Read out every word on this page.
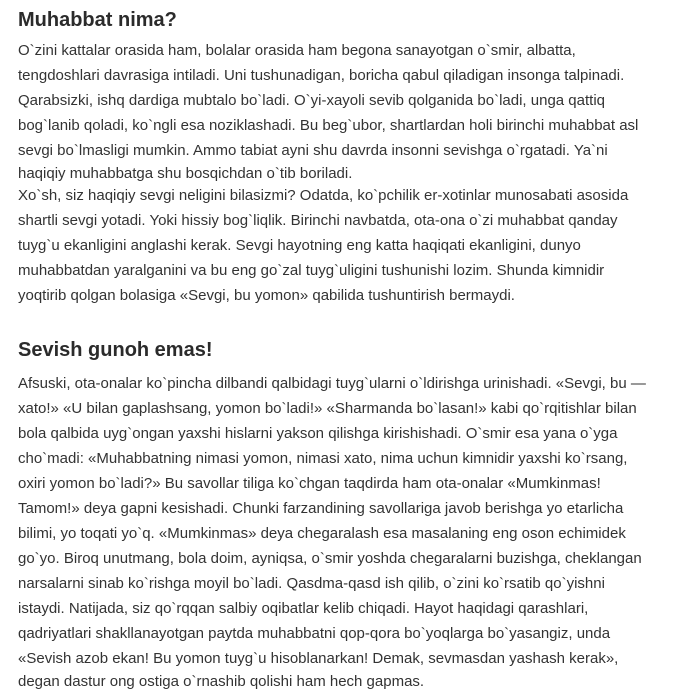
Muhabbat nima?

O`zini kattalar orasida ham, bolalar orasida ham begona sanayotgan o`smir, albatta,

tengdoshlari davrasiga intiladi. Uni tushunadigan, boricha qabul qiladigan insonga talpinadi.

Qarabsizki, ishq dardiga mubtalo bo`ladi. O`yi-xayoli sevib qolganida bo`ladi, unga qattiq

bog`lanib qoladi, ko`ngli esa noziklashadi. Bu beg`ubor, shartlardan holi birinchi muhabbat asl

sevgi bo`lmasligi mumkin. Ammo tabiat ayni shu davrda insonni sevishga o`rgatadi. Ya`ni

haqiqiy muhabbatga shu bosqichdan o`tib boriladi.

Xo`sh, siz haqiqiy sevgi neligini bilasizmi? Odatda, ko`pchilik er-xotinlar munosabati asosida

shartli sevgi yotadi. Yoki hissiy bog`liqlik. Birinchi navbatda, ota-ona o`zi muhabbat qanday

tuyg`u ekanligini anglashi kerak. Sevgi hayotning eng katta haqiqati ekanligini, dunyo

muhabbatdan yaralganini va bu eng go`zal tuyg`uligini tushunishi lozim. Shunda kimnidir

yoqtirib qolgan bolasiga «Sevgi, bu yomon» qabilida tushuntirish bermaydi.

Sevish gunoh emas!

Afsuski, ota-onalar ko`pincha dilbandi qalbidagi tuyg`ularni o`ldirishga urinishadi. «Sevgi, bu —

xato!» «U bilan gaplashsang, yomon bo`ladi!» «Sharmanda bo`lasan!» kabi qo`rqitishlar bilan

bola qalbida uyg`ongan yaxshi hislarni yakson qilishga kirishishadi. O`smir esa yana o`yga

cho`madi: «Muhabbatning nimasi yomon, nimasi xato, nima uchun kimnidir yaxshi ko`rsang,

oxiri yomon bo`ladi?» Bu savollar tiliga ko`chgan taqdirda ham ota-onalar «Mumkinmas!

Tamom!» deya gapni kesishadi. Chunki farzandining savollariga javob berishga yo etarlicha

bilimi, yo toqati yo`q. «Mumkinmas» deya chegaralash esa masalaning eng oson echimidek

go`yo. Biroq unutmang, bola doim, ayniqsa, o`smir yoshda chegaralarni buzishga, cheklangan

narsalarni sinab ko`rishga moyil bo`ladi. Qasdma-qasd ish qilib, o`zini ko`rsatib qo`yishni

istaydi. Natijada, siz qo`rqqan salbiy oqibatlar kelib chiqadi. Hayot haqidagi qarashlari,

qadriyatlari shakllanayotgan paytda muhabbatni qop-qora bo`yoqlarga bo`yasangiz, unda

«Sevish azob ekan! Bu yomon tuyg`u hisoblanarkan! Demak, sevmasdan yashash kerak»,

degan dastur ong ostiga o`rnashib qolishi ham hech gapmas.
